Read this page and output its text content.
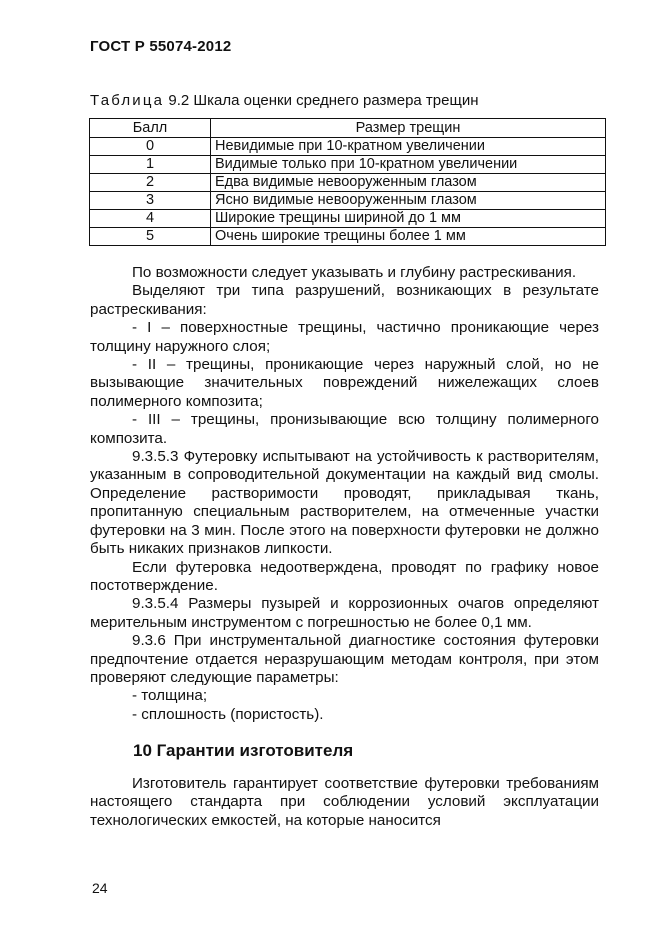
ГОСТ Р 55074-2012
Таблица 9.2 Шкала оценки среднего размера трещин
Балл	Размер трещин
0	Невидимые при 10-кратном увеличении
1	Видимые только при 10-кратном увеличении
2	Едва видимые невооруженным глазом
3	Ясно видимые невооруженным глазом
4	Широкие трещины шириной до 1 мм
5	Очень широкие трещины более 1 мм

По возможности следует указывать и глубину растрескивания.

Выделяют три типа разрушений, возникающих в результате растрескивания:

- I – поверхностные трещины, частично проникающие через толщину наружного слоя;

- II – трещины, проникающие через наружный слой, но не вызывающие значительных повреждений нижележащих слоев полимерного композита;

- III – трещины, пронизывающие всю толщину полимерного композита.

9.3.5.3 Футеровку испытывают на устойчивость к растворителям, указанным в сопроводительной документации на каждый вид смолы. Определение растворимости проводят, прикладывая ткань, пропитанную специальным растворителем, на отмеченные участки футеровки на 3 мин. После этого на поверхности футеровки не должно быть никаких признаков липкости.

Если футеровка недоотверждена, проводят по графику новое постотверждение.

9.3.5.4 Размеры пузырей и коррозионных очагов определяют мерительным инструментом с погрешностью не более 0,1 мм.

9.3.6 При инструментальной диагностике состояния футеровки предпочтение отдается неразрушающим методам контроля, при этом проверяют следующие параметры:

- толщина;

- сплошность (пористость).

10 Гарантии изготовителя

Изготовитель гарантирует соответствие футеровки требованиям настоящего стандарта при соблюдении условий эксплуатации технологических емкостей, на которые наносится

24
